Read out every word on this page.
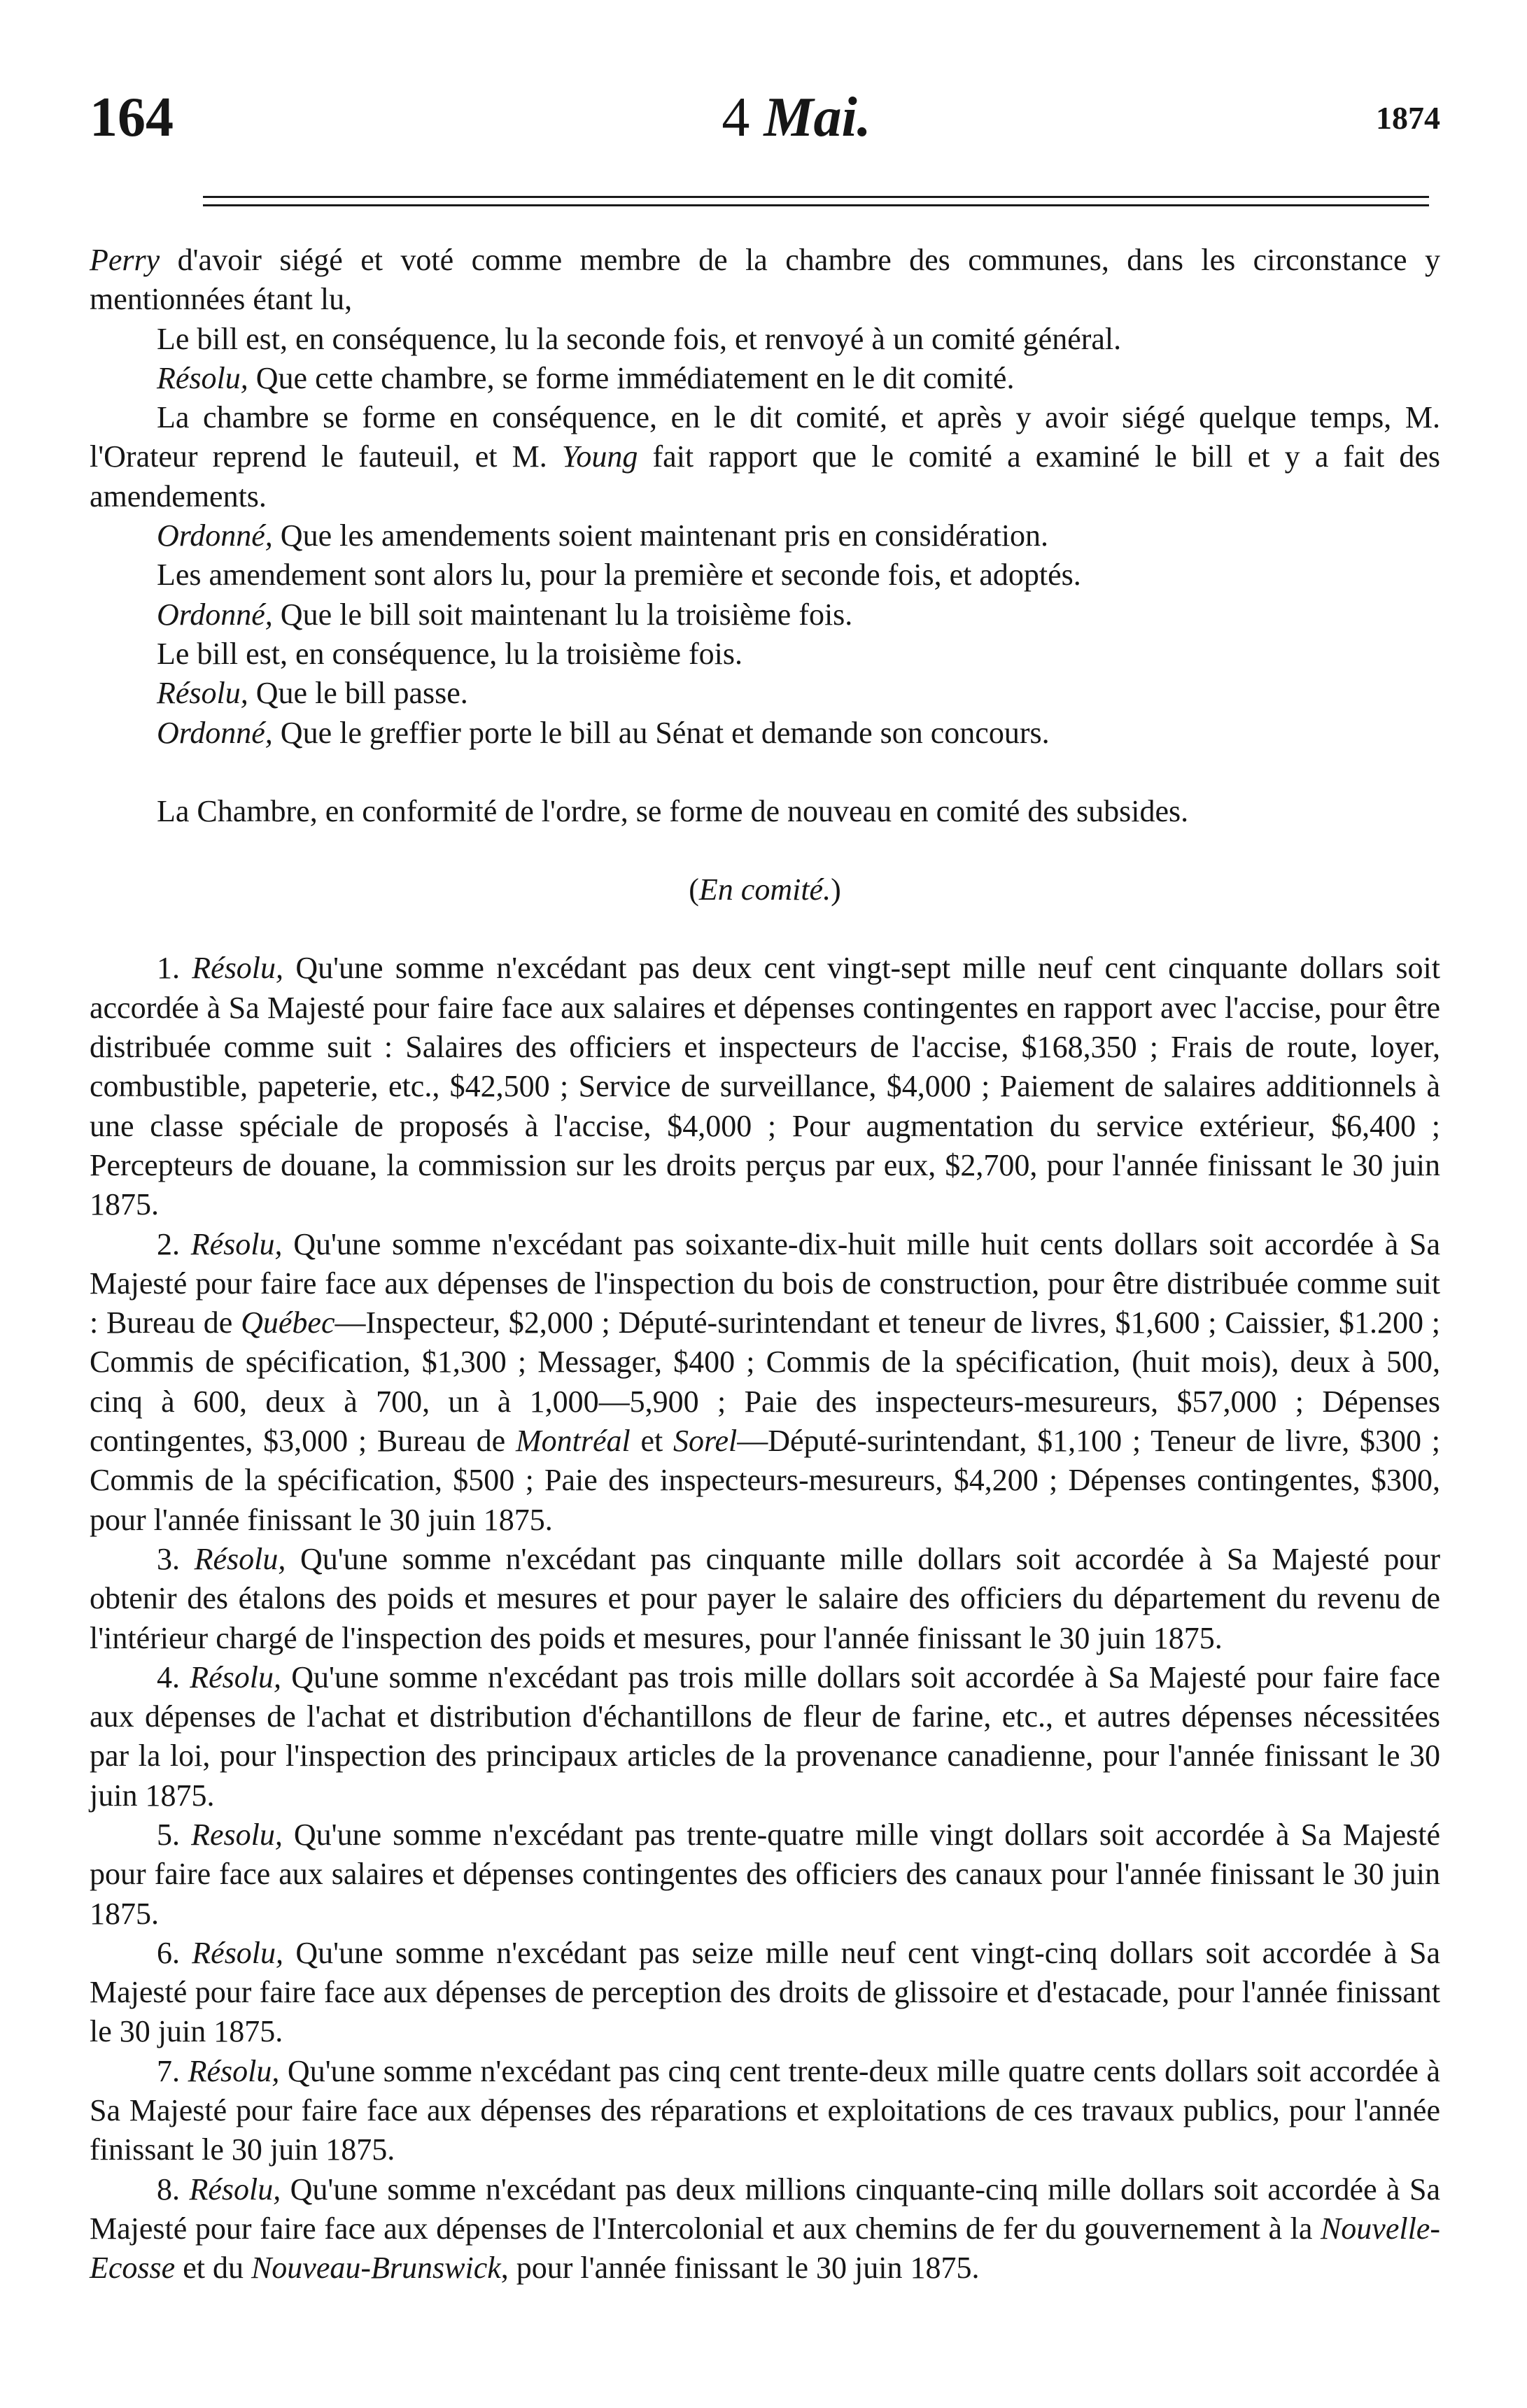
164	4 Mai.	1874

Perry d'avoir siégé et voté comme membre de la chambre des communes, dans les circonstance y mentionnées étant lu,

Le bill est, en conséquence, lu la seconde fois, et renvoyé à un comité général.

Résolu, Que cette chambre, se forme immédiatement en le dit comité.

La chambre se forme en conséquence, en le dit comité, et après y avoir siégé quelque temps, M. l'Orateur reprend le fauteuil, et M. Young fait rapport que le comité a examiné le bill et y a fait des amendements.

Ordonné, Que les amendements soient maintenant pris en considération.

Les amendement sont alors lu, pour la première et seconde fois, et adoptés.

Ordonné, Que le bill soit maintenant lu la troisième fois.

Le bill est, en conséquence, lu la troisième fois.

Résolu, Que le bill passe.

Ordonné, Que le greffier porte le bill au Sénat et demande son concours.

La Chambre, en conformité de l'ordre, se forme de nouveau en comité des subsides.

(En comité.)

1. Résolu, Qu'une somme n'excédant pas deux cent vingt-sept mille neuf cent cinquante dollars soit accordée à Sa Majesté pour faire face aux salaires et dépenses contingentes en rapport avec l'accise, pour être distribuée comme suit : Salaires des officiers et inspecteurs de l'accise, $168,350 ; Frais de route, loyer, combustible, papeterie, etc., $42,500 ; Service de surveillance, $4,000 ; Paiement de salaires additionnels à une classe spéciale de proposés à l'accise, $4,000 ; Pour augmentation du service extérieur, $6,400 ; Percepteurs de douane, la commission sur les droits perçus par eux, $2,700, pour l'année finissant le 30 juin 1875.

2. Résolu, Qu'une somme n'excédant pas soixante-dix-huit mille huit cents dollars soit accordée à Sa Majesté pour faire face aux dépenses de l'inspection du bois de construction, pour être distribuée comme suit : Bureau de Québec—Inspecteur, $2,000 ; Député-surintendant et teneur de livres, $1,600 ; Caissier, $1.200 ; Commis de spécification, $1,300 ; Messager, $400 ; Commis de la spécification, (huit mois), deux à 500, cinq à 600, deux à 700, un à 1,000—5,900 ; Paie des inspecteurs-mesureurs, $57,000 ; Dépenses contingentes, $3,000 ; Bureau de Montréal et Sorel—Député-surintendant, $1,100 ; Teneur de livre, $300 ; Commis de la spécification, $500 ; Paie des inspecteurs-mesureurs, $4,200 ; Dépenses contingentes, $300, pour l'année finissant le 30 juin 1875.

3. Résolu, Qu'une somme n'excédant pas cinquante mille dollars soit accordée à Sa Majesté pour obtenir des étalons des poids et mesures et pour payer le salaire des officiers du département du revenu de l'intérieur chargé de l'inspection des poids et mesures, pour l'année finissant le 30 juin 1875.

4. Résolu, Qu'une somme n'excédant pas trois mille dollars soit accordée à Sa Majesté pour faire face aux dépenses de l'achat et distribution d'échantillons de fleur de farine, etc., et autres dépenses nécessitées par la loi, pour l'inspection des principaux articles de la provenance canadienne, pour l'année finissant le 30 juin 1875.

5. Resolu, Qu'une somme n'excédant pas trente-quatre mille vingt dollars soit accordée à Sa Majesté pour faire face aux salaires et dépenses contingentes des officiers des canaux pour l'année finissant le 30 juin 1875.

6. Résolu, Qu'une somme n'excédant pas seize mille neuf cent vingt-cinq dollars soit accordée à Sa Majesté pour faire face aux dépenses de perception des droits de glissoire et d'estacade, pour l'année finissant le 30 juin 1875.

7. Résolu, Qu'une somme n'excédant pas cinq cent trente-deux mille quatre cents dollars soit accordée à Sa Majesté pour faire face aux dépenses des réparations et exploitations de ces travaux publics, pour l'année finissant le 30 juin 1875.

8. Résolu, Qu'une somme n'excédant pas deux millions cinquante-cinq mille dollars soit accordée à Sa Majesté pour faire face aux dépenses de l'Intercolonial et aux chemins de fer du gouvernement à la Nouvelle-Ecosse et du Nouveau-Brunswick, pour l'année finissant le 30 juin 1875.
